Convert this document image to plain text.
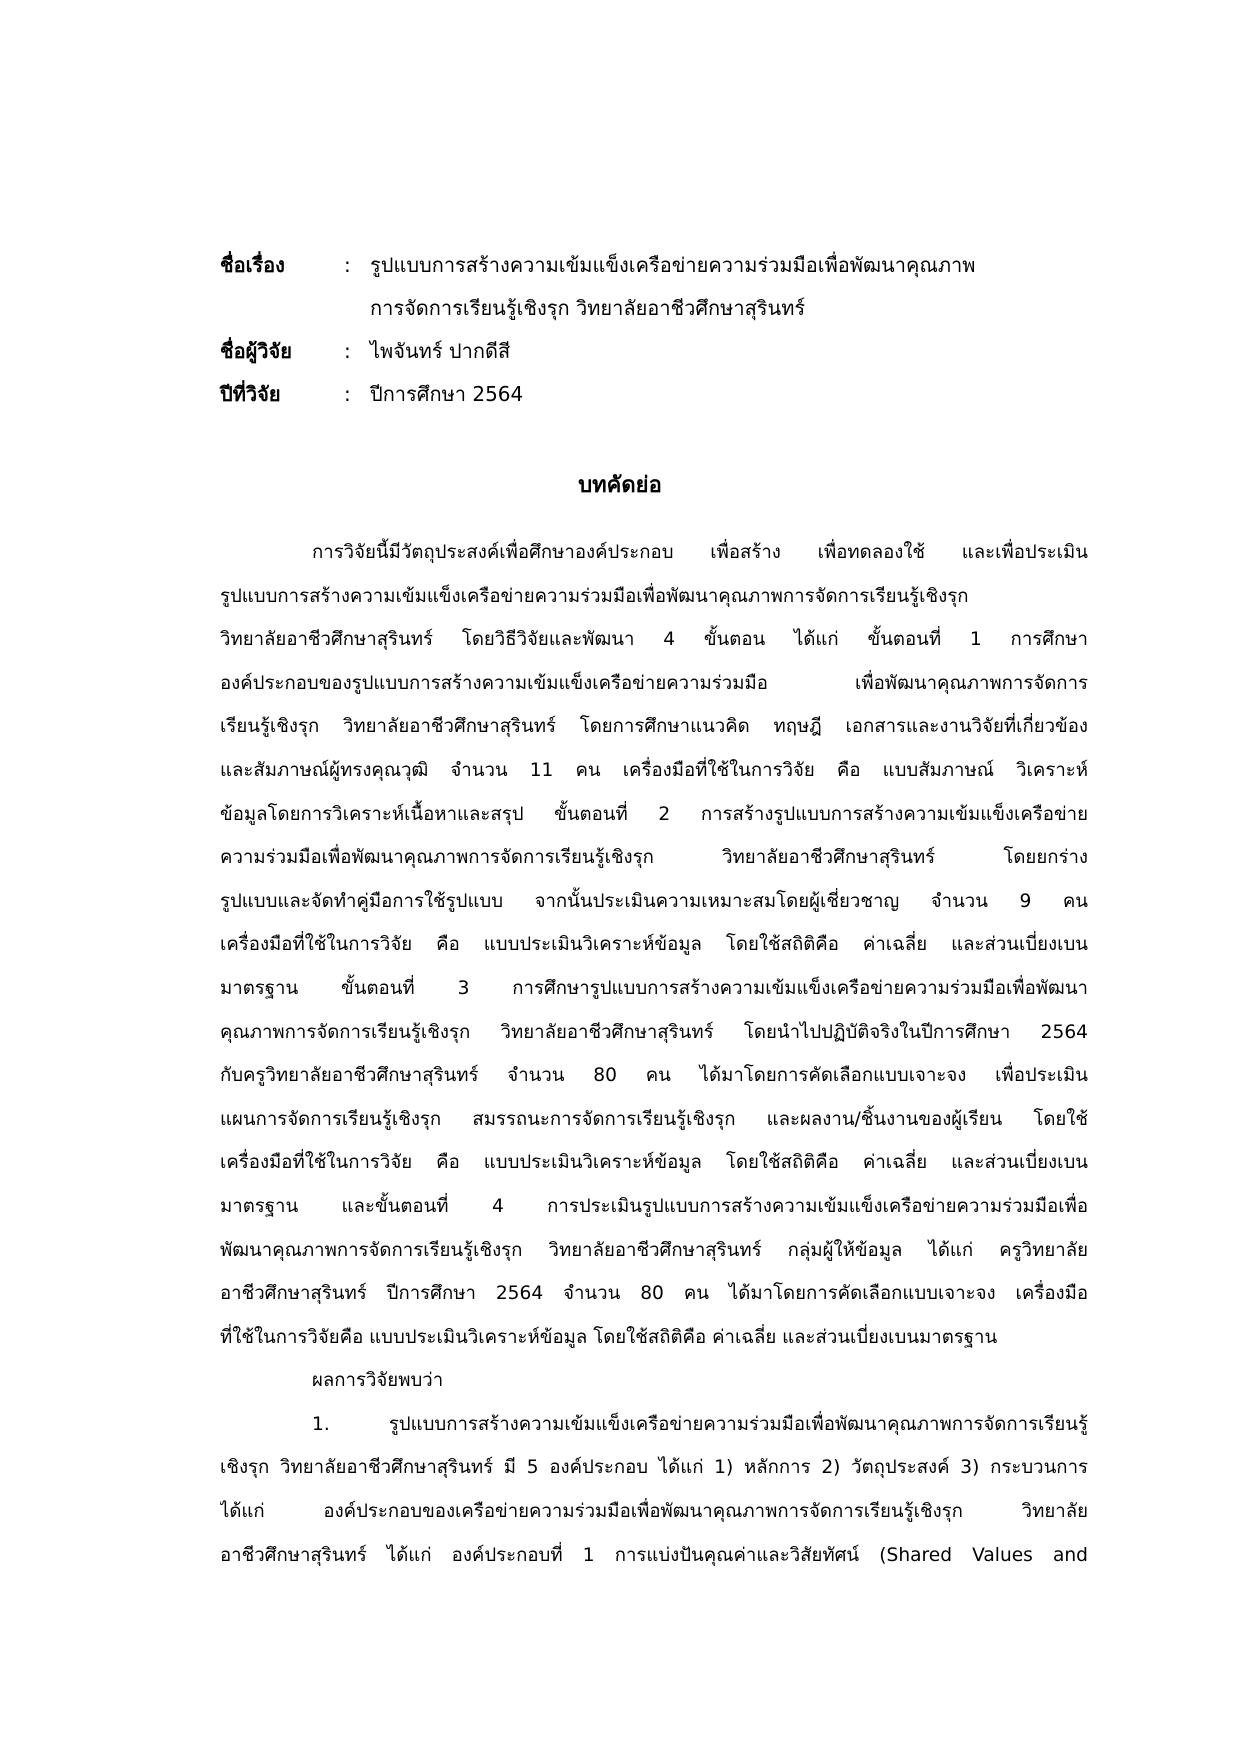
ชื่อเรื่อง	: รูปแบบการสร้างความเข้มแข็งเครือข่ายความร่วมมือเพื่อพัฒนาคุณภาพ
การจัดการเรียนรู้เชิงรุก วิทยาลัยอาชีวศึกษาสุรินทร์
ชื่อผู้วิจัย	: ไพจันทร์ ปากดีสี
ปีที่วิจัย	: ปีการศึกษา 2564
บทคัดย่อ
การวิจัยนี้มีวัตถุประสงค์เพื่อศึกษาองค์ประกอบ เพื่อสร้าง เพื่อทดลองใช้ และเพื่อประเมิน
รูปแบบการสร้างความเข้มแข็งเครือข่ายความร่วมมือเพื่อพัฒนาคุณภาพการจัดการเรียนรู้เชิงรุก
วิทยาลัยอาชีวศึกษาสุรินทร์ โดยวิธีวิจัยและพัฒนา 4 ขั้นตอน ได้แก่ ขั้นตอนที่ 1 การศึกษา
องค์ประกอบของรูปแบบการสร้างความเข้มแข็งเครือข่ายความร่วมมือ เพื่อพัฒนาคุณภาพการจัดการ
เรียนรู้เชิงรุก วิทยาลัยอาชีวศึกษาสุรินทร์ โดยการศึกษาแนวคิด ทฤษฎี เอกสารและงานวิจัยที่เกี่ยวข้อง
และสัมภาษณ์ผู้ทรงคุณวุฒิ จำนวน 11 คน เครื่องมือที่ใช้ในการวิจัย คือ แบบสัมภาษณ์ วิเคราะห์
ข้อมูลโดยการวิเคราะห์เนื้อหาและสรุป ขั้นตอนที่ 2 การสร้างรูปแบบการสร้างความเข้มแข็งเครือข่าย
ความร่วมมือเพื่อพัฒนาคุณภาพการจัดการเรียนรู้เชิงรุก วิทยาลัยอาชีวศึกษาสุรินทร์ โดยยกร่าง
รูปแบบและจัดทำคู่มือการใช้รูปแบบ จากนั้นประเมินความเหมาะสมโดยผู้เชี่ยวชาญ จำนวน 9 คน
เครื่องมือที่ใช้ในการวิจัย คือ แบบประเมินวิเคราะห์ข้อมูล โดยใช้สถิติคือ ค่าเฉลี่ย และส่วนเบี่ยงเบน
มาตรฐาน ขั้นตอนที่ 3 การศึกษารูปแบบการสร้างความเข้มแข็งเครือข่ายความร่วมมือเพื่อพัฒนา
คุณภาพการจัดการเรียนรู้เชิงรุก วิทยาลัยอาชีวศึกษาสุรินทร์ โดยนำไปปฏิบัติจริงในปีการศึกษา 2564
กับครูวิทยาลัยอาชีวศึกษาสุรินทร์ จำนวน 80 คน ได้มาโดยการคัดเลือกแบบเจาะจง เพื่อประเมิน
แผนการจัดการเรียนรู้เชิงรุก สมรรถนะการจัดการเรียนรู้เชิงรุก และผลงาน/ชิ้นงานของผู้เรียน โดยใช้
เครื่องมือที่ใช้ในการวิจัย คือ แบบประเมินวิเคราะห์ข้อมูล โดยใช้สถิติคือ ค่าเฉลี่ย และส่วนเบี่ยงเบน
มาตรฐาน และขั้นตอนที่ 4 การประเมินรูปแบบการสร้างความเข้มแข็งเครือข่ายความร่วมมือเพื่อ
พัฒนาคุณภาพการจัดการเรียนรู้เชิงรุก วิทยาลัยอาชีวศึกษาสุรินทร์ กลุ่มผู้ให้ข้อมูล ได้แก่ ครูวิทยาลัย
อาชีวศึกษาสุรินทร์ ปีการศึกษา 2564 จำนวน 80 คน ได้มาโดยการคัดเลือกแบบเจาะจง เครื่องมือ
ที่ใช้ในการวิจัยคือ แบบประเมินวิเคราะห์ข้อมูล โดยใช้สถิติคือ ค่าเฉลี่ย และส่วนเบี่ยงเบนมาตรฐาน
ผลการวิจัยพบว่า
1. รูปแบบการสร้างความเข้มแข็งเครือข่ายความร่วมมือเพื่อพัฒนาคุณภาพการจัดการเรียนรู้
เชิงรุก วิทยาลัยอาชีวศึกษาสุรินทร์ มี 5 องค์ประกอบ ได้แก่ 1) หลักการ 2) วัตถุประสงค์ 3) กระบวนการ
ได้แก่ องค์ประกอบของเครือข่ายความร่วมมือเพื่อพัฒนาคุณภาพการจัดการเรียนรู้เชิงรุก วิทยาลัย
อาชีวศึกษาสุรินทร์ ได้แก่ องค์ประกอบที่ 1 การแบ่งปันคุณค่าและวิสัยทัศน์ (Shared Values and
